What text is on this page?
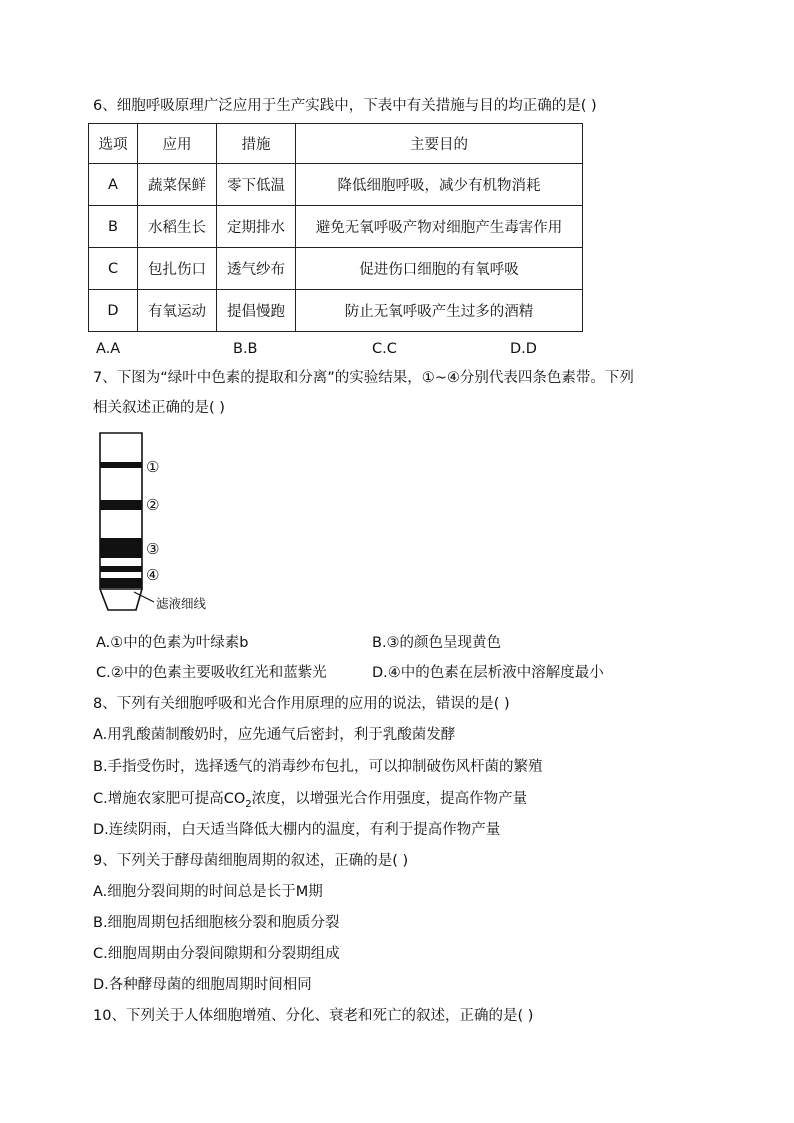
6、细胞呼吸原理广泛应用于生产实践中，下表中有关措施与目的均正确的是( )
选项	应用	措施	主要目的
A	蔬菜保鲜	零下低温	降低细胞呼吸，减少有机物消耗
B	水稻生长	定期排水	避免无氧呼吸产物对细胞产生毒害作用
C	包扎伤口	透气纱布	促进伤口细胞的有氧呼吸
D	有氧运动	提倡慢跑	防止无氧呼吸产生过多的酒精
A.A	B.B	C.C	D.D
7、下图为“绿叶中色素的提取和分离”的实验结果，①~④分别代表四条色素带。下列
相关叙述正确的是( )
①
②
③
④
滤液细线
A.①中的色素为叶绿素b	B.③的颜色呈现黄色
C.②中的色素主要吸收红光和蓝紫光	D.④中的色素在层析液中溶解度最小
8、下列有关细胞呼吸和光合作用原理的应用的说法，错误的是( )
A.用乳酸菌制酸奶时，应先通气后密封，利于乳酸菌发酵
B.手指受伤时，选择透气的消毒纱布包扎，可以抑制破伤风杆菌的繁殖
C.增施农家肥可提高$CO_2$浓度，以增强光合作用强度，提高作物产量
D.连续阴雨，白天适当降低大棚内的温度，有利于提高作物产量
9、下列关于酵母菌细胞周期的叙述，正确的是( )
A.细胞分裂间期的时间总是长于M期
B.细胞周期包括细胞核分裂和胞质分裂
C.细胞周期由分裂间隙期和分裂期组成
D.各种酵母菌的细胞周期时间相同
10、下列关于人体细胞增殖、分化、衰老和死亡的叙述，正确的是( )
